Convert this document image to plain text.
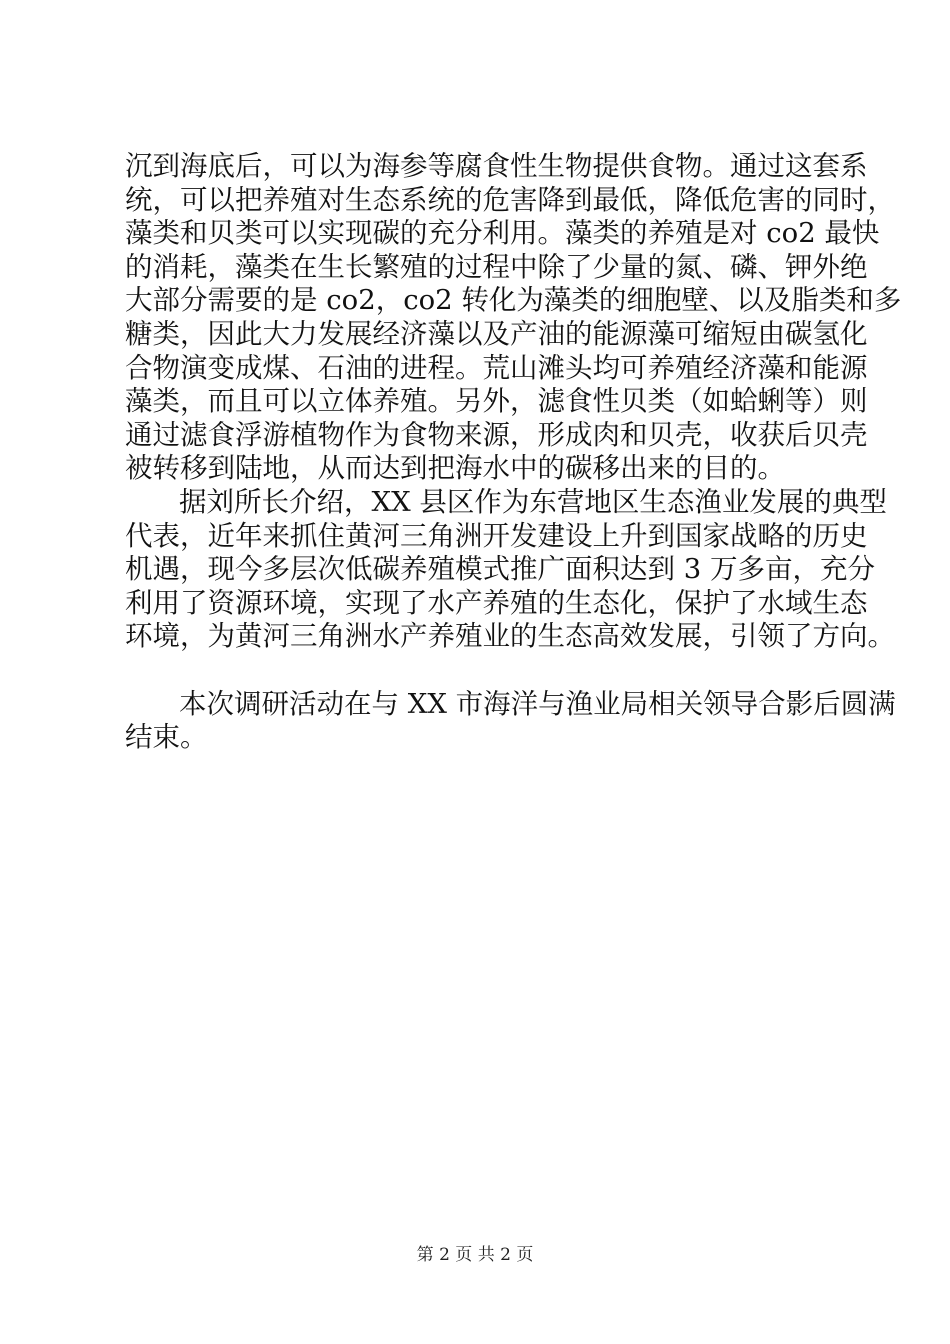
沉到海底后，可以为海参等腐食性生物提供食物。通过这套系
统，可以把养殖对生态系统的危害降到最低，降低危害的同时，
藻类和贝类可以实现碳的充分利用。藻类的养殖是对 co2 最快
的消耗，藻类在生长繁殖的过程中除了少量的氮、磷、钾外绝
大部分需要的是 co2，co2 转化为藻类的细胞壁、以及脂类和多
糖类，因此大力发展经济藻以及产油的能源藻可缩短由碳氢化
合物演变成煤、石油的进程。荒山滩头均可养殖经济藻和能源
藻类，而且可以立体养殖。另外，滤食性贝类（如蛤蜊等）则
通过滤食浮游植物作为食物来源，形成肉和贝壳，收获后贝壳
被转移到陆地，从而达到把海水中的碳移出来的目的。
据刘所长介绍，XX 县区作为东营地区生态渔业发展的典型
代表，近年来抓住黄河三角洲开发建设上升到国家战略的历史
机遇，现今多层次低碳养殖模式推广面积达到 3 万多亩，充分
利用了资源环境，实现了水产养殖的生态化，保护了水域生态
环境，为黄河三角洲水产养殖业的生态高效发展，引领了方向。
本次调研活动在与 XX 市海洋与渔业局相关领导合影后圆满
结束。
第 2 页 共 2 页
